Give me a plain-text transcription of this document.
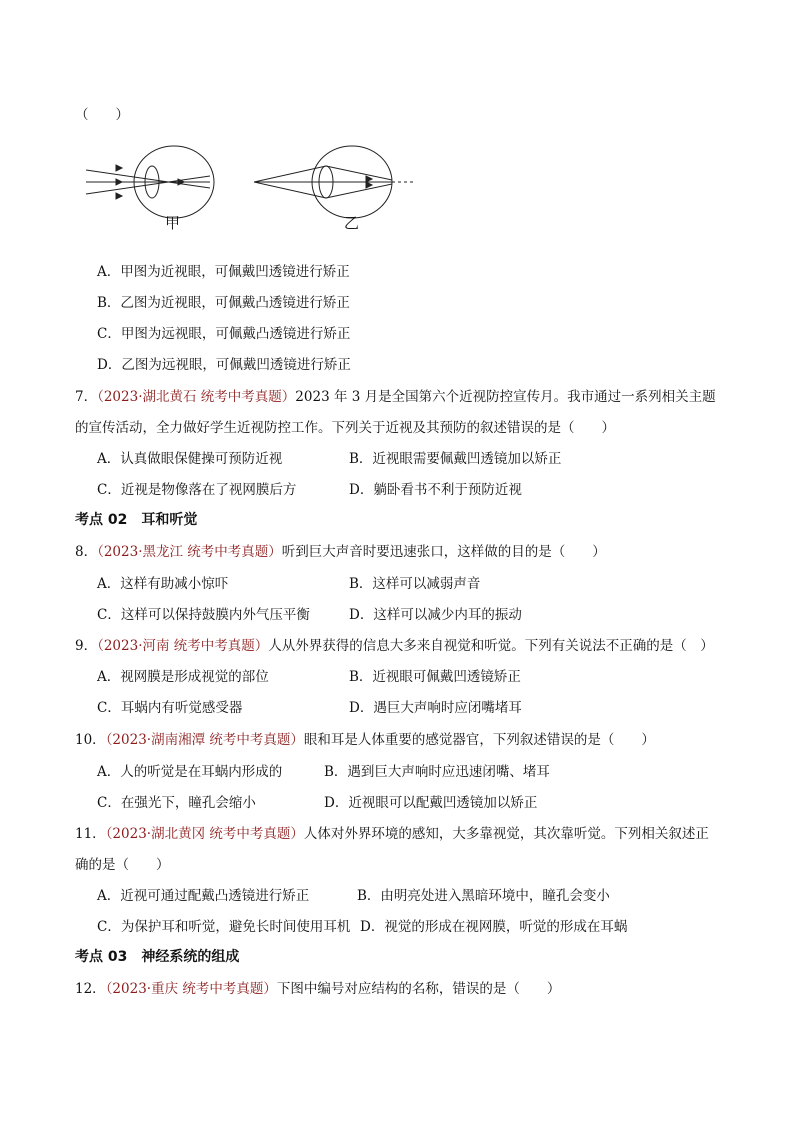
（　　）
甲	乙
A．甲图为近视眼，可佩戴凹透镜进行矫正
B．乙图为近视眼，可佩戴凸透镜进行矫正
C．甲图为远视眼，可佩戴凸透镜进行矫正
D．乙图为远视眼，可佩戴凹透镜进行矫正
7．（2023·湖北黄石 统考中考真题）2023 年 3 月是全国第六个近视防控宣传月。我市通过一系列相关主题
的宣传活动，全力做好学生近视防控工作。下列关于近视及其预防的叙述错误的是（　　）
A．认真做眼保健操可预防近视	B．近视眼需要佩戴凹透镜加以矫正
C．近视是物像落在了视网膜后方	D．躺卧看书不利于预防近视
考点 02 耳和听觉
8．（2023·黑龙江 统考中考真题）听到巨大声音时要迅速张口，这样做的目的是（　　）
A．这样有助减小惊吓	B．这样可以减弱声音
C．这样可以保持鼓膜内外气压平衡	D．这样可以减少内耳的振动
9．（2023·河南 统考中考真题）人从外界获得的信息大多来自视觉和听觉。下列有关说法不正确的是（　）
A．视网膜是形成视觉的部位	B．近视眼可佩戴凹透镜矫正
C．耳蜗内有听觉感受器	D．遇巨大声响时应闭嘴堵耳
10．（2023·湖南湘潭 统考中考真题）眼和耳是人体重要的感觉器官，下列叙述错误的是（　　）
A．人的听觉是在耳蜗内形成的	B．遇到巨大声响时应迅速闭嘴、堵耳
C．在强光下，瞳孔会缩小	D．近视眼可以配戴凹透镜加以矫正
11．（2023·湖北黄冈 统考中考真题）人体对外界环境的感知，大多靠视觉，其次靠听觉。下列相关叙述正
确的是（　　）
A．近视可通过配戴凸透镜进行矫正	B．由明亮处进入黑暗环境中，瞳孔会变小
C．为保护耳和听觉，避免长时间使用耳机 D．视觉的形成在视网膜，听觉的形成在耳蜗
考点 03 神经系统的组成
12．（2023·重庆 统考中考真题）下图中编号对应结构的名称，错误的是（　　）
